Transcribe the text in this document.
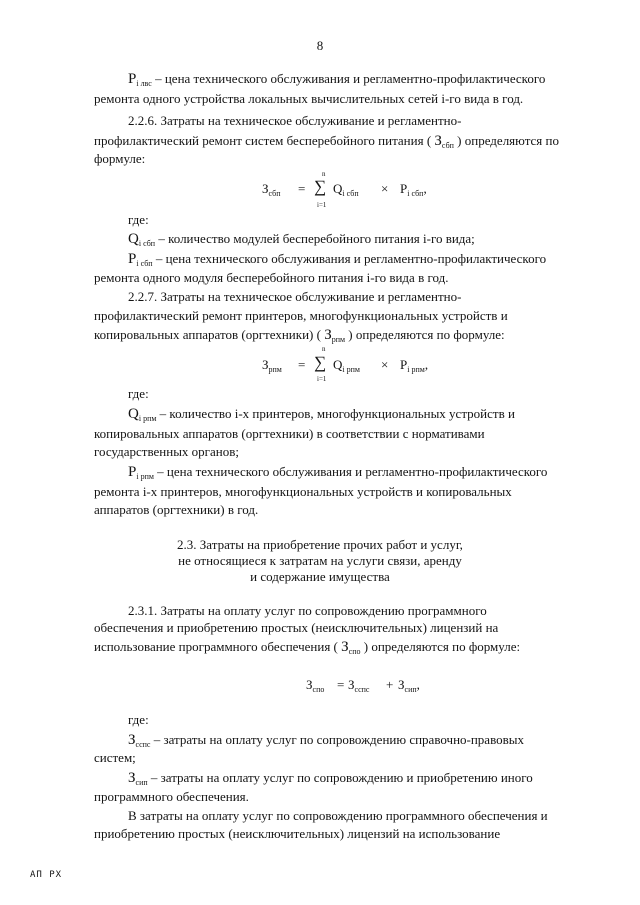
8
$P_{i лвс}$ – цена технического обслуживания и регламентно-профилактического
ремонта одного устройства локальных вычислительных сетей i-го вида в год.
2.2.6. Затраты на техническое обслуживание и регламентно-
профилактический ремонт систем бесперебойного питания ( $З_{сбп}$ ) определяются по
формуле:
$З_{сбп}$ =
n
∑
i=1
$Q_{i сбп} \times P_{i сбп}$,
где:
$Q_{i сбп}$ – количество модулей бесперебойного питания i-го вида;
$P_{i сбп}$ – цена технического обслуживания и регламентно-профилактического
ремонта одного модуля бесперебойного питания i-го вида в год.
2.2.7. Затраты на техническое обслуживание и регламентно-
профилактический ремонт принтеров, многофункциональных устройств и
копировальных аппаратов (оргтехники) ( $З_{рпм}$ ) определяются по формуле:
$З_{рпм}$ =
n
∑
i=1
$Q_{i рпм} \times P_{i рпм}$,
где:
$Q_{i рпм}$ – количество i-х принтеров, многофункциональных устройств и
копировальных аппаратов (оргтехники) в соответствии с нормативами
государственных органов;
$P_{i рпм}$ – цена технического обслуживания и регламентно-профилактического
ремонта i-х принтеров, многофункциональных устройств и копировальных
аппаратов (оргтехники) в год.
2.3. Затраты на приобретение прочих работ и услуг,
не относящиеся к затратам на услуги связи, аренду
и содержание имущества
2.3.1. Затраты на оплату услуг по сопровождению программного
обеспечения и приобретению простых (неисключительных) лицензий на
использование программного обеспечения ( $З_{спо}$ ) определяются по формуле:
$З_{спо} = З_{сспс} + З_{сип}$,
где:
$З_{сспс}$ – затраты на оплату услуг по сопровождению справочно-правовых
систем;
$З_{сип}$ – затраты на оплату услуг по сопровождению и приобретению иного
программного обеспечения.
В затраты на оплату услуг по сопровождению программного обеспечения и
приобретению простых (неисключительных) лицензий на использование
АП РХ
